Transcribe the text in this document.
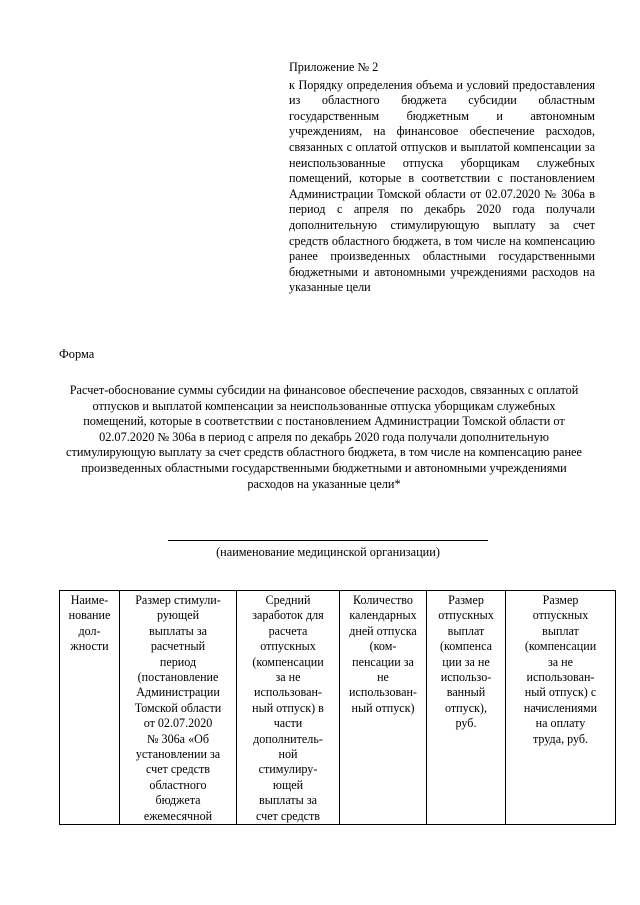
Приложение № 2
к Порядку определения объема и условий предоставления из областного бюджета субсидии областным государственным бюджетным и автономным учреждениям, на финансовое обеспечение расходов, связанных с оплатой отпусков и выплатой компенсации за неиспользованные отпуска уборщикам служебных помещений, которые в соответствии с постановлением Администрации Томской области от 02.07.2020 № 306а в период с апреля по декабрь 2020 года получали дополнительную стимулирующую выплату за счет средств областного бюджета, в том числе на компенсацию ранее произведенных областными государственными бюджетными и автономными учреждениями расходов на указанные цели
Форма
Расчет-обоснование суммы субсидии на финансовое обеспечение расходов, связанных с оплатой отпусков и выплатой компенсации за неиспользованные отпуска уборщикам служебных помещений, которые в соответствии с постановлением Администрации Томской области от 02.07.2020 № 306а в период с апреля по декабрь 2020 года получали дополнительную стимулирующую выплату за счет средств областного бюджета, в том числе на компенсацию ранее произведенных областными государственными бюджетными и автономными учреждениями расходов на указанные цели*
(наименование медицинской организации)
Наиме-
нование
дол-
жности

Размер стимули-
рующей
выплаты за
расчетный
период
(постановление
Администрации
Томской области
от 02.07.2020
№ 306а «Об
установлении за
счет средств
областного
бюджета
ежемесячной

Средний
заработок для
расчета
отпускных
(компенсации
за не
использован-
ный отпуск) в
части
дополнитель-
ной
стимулиру-
ющей
выплаты за
счет средств

Количество
календарных
дней отпуска
(ком-
пенсации за
не
использован-
ный отпуск)

Размер
отпускных
выплат
(компенса
ции за не
использо-
ванный
отпуск),
руб.

Размер
отпускных
выплат
(компенсации
за не
использован-
ный отпуск) с
начислениями
на оплату
труда, руб.
